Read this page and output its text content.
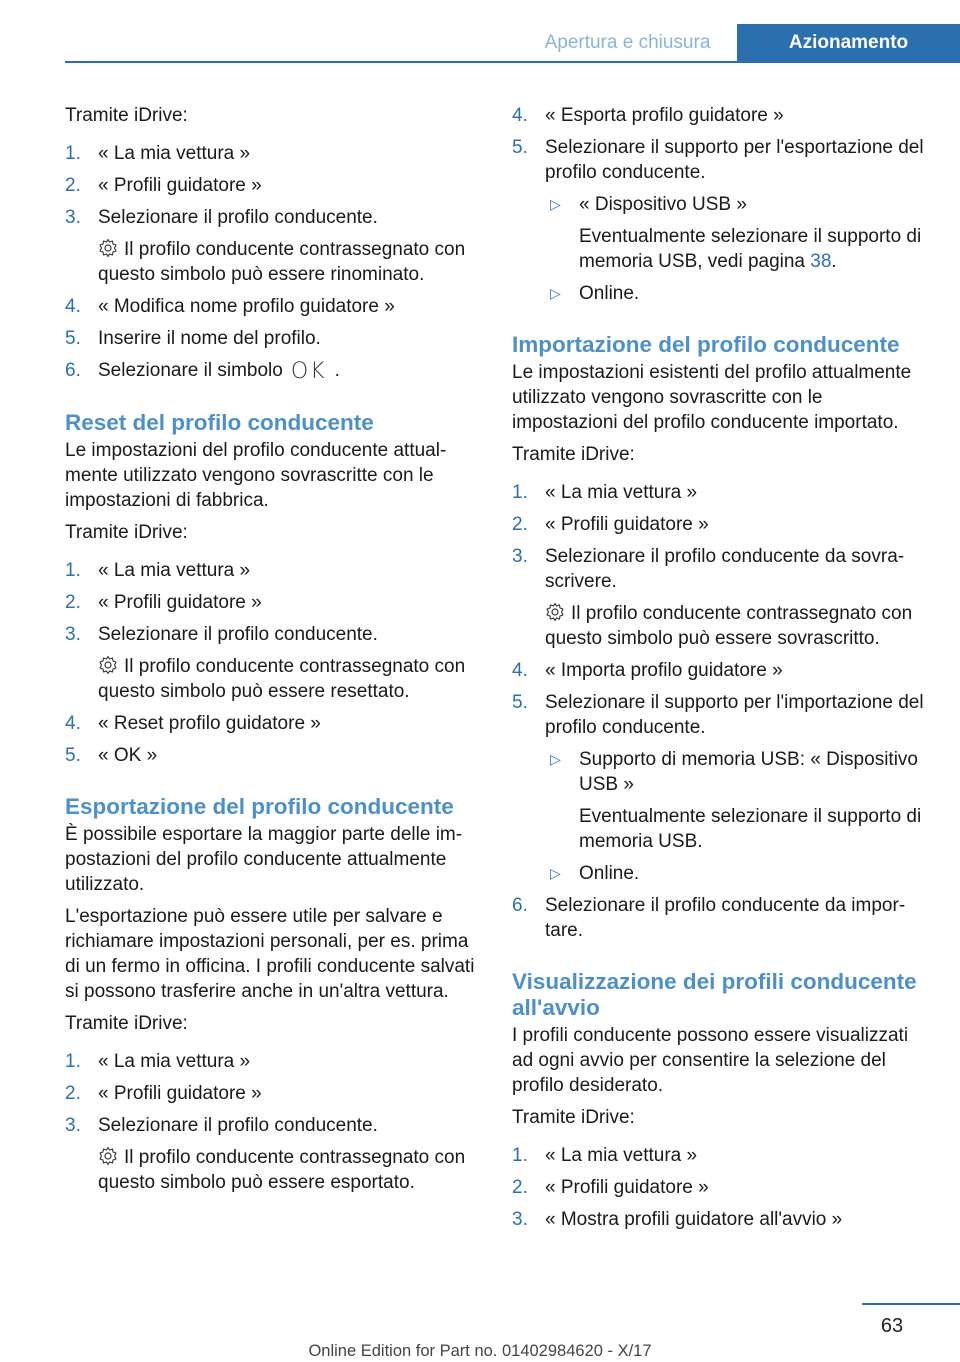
Apertura e chiusura	Azionamento

Tramite iDrive:

1. « La mia vettura »
2. « Profili guidatore »
3. Selezionare il profilo conducente.

Il profilo conducente contrassegnato con questo simbolo può essere rinominato.

4. « Modifica nome profilo guidatore »
5. Inserire il nome del profilo.
6. Selezionare il simbolo OK .
Reset del profilo conducente

Le impostazioni del profilo conducente attualmente utilizzato vengono sovrascritte con le impostazioni di fabbrica.

Tramite iDrive:

1. « La mia vettura »
2. « Profili guidatore »
3. Selezionare il profilo conducente.

Il profilo conducente contrassegnato con questo simbolo può essere resettato.

4. « Reset profilo guidatore »
5. « OK »
Esportazione del profilo conducente

È possibile esportare la maggior parte delle impostazioni del profilo conducente attualmente utilizzato.

L'esportazione può essere utile per salvare e richiamare impostazioni personali, per es. prima di un fermo in officina. I profili conducente salvati si possono trasferire anche in un'altra vettura.

Tramite iDrive:

1. « La mia vettura »
2. « Profili guidatore »
3. Selezionare il profilo conducente.

Il profilo conducente contrassegnato con questo simbolo può essere esportato.

4. « Esporta profilo guidatore »
5. Selezionare il supporto per l'esportazione del profilo conducente.
▷ « Dispositivo USB »

Eventualmente selezionare il supporto di memoria USB, vedi pagina 38.

▷ Online.
Importazione del profilo conducente

Le impostazioni esistenti del profilo attualmente utilizzato vengono sovrascritte con le impostazioni del profilo conducente importato.

Tramite iDrive:

1. « La mia vettura »
2. « Profili guidatore »
3. Selezionare il profilo conducente da sovrascrivere.

Il profilo conducente contrassegnato con questo simbolo può essere sovrascritto.

4. « Importa profilo guidatore »
5. Selezionare il supporto per l'importazione del profilo conducente.
▷ Supporto di memoria USB: « Dispositivo USB »

Eventualmente selezionare il supporto di memoria USB.

▷ Online.
6. Selezionare il profilo conducente da importare.
Visualizzazione dei profili conducente all'avvio

I profili conducente possono essere visualizzati ad ogni avvio per consentire la selezione del profilo desiderato.

Tramite iDrive:

1. « La mia vettura »
2. « Profili guidatore »
3. « Mostra profili guidatore all'avvio »
63
Online Edition for Part no. 01402984620 - X/17
